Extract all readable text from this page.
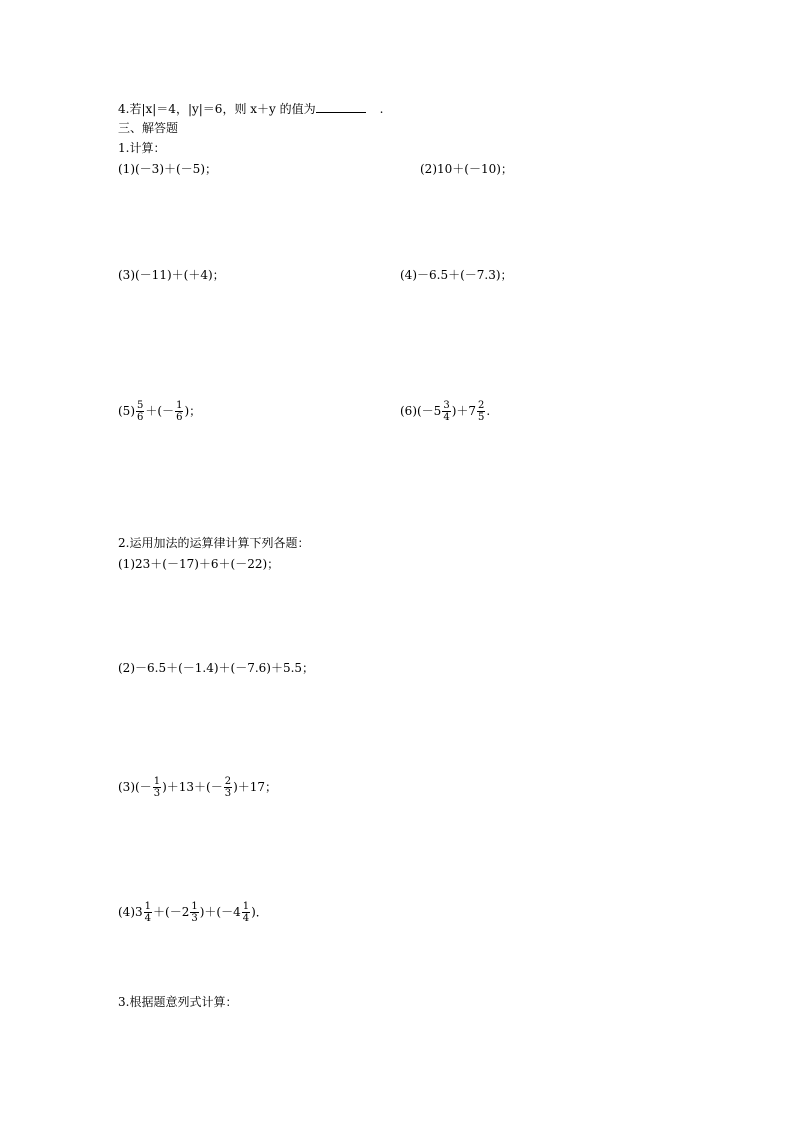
4.若|x|＝4，|y|＝6，则 x＋y 的值为	.
三、解答题
1.计算：
(1)(－3)＋(－5)；	(2)10＋(－10)；
(3)(－11)＋(＋4)；	(4)－6.5＋(－7.3)；
$(5) \frac{5}{6}$ ＋(－ $\frac{1}{6}$ )；	$(6)(-5 \frac{3}{4} )+7 \frac{2}{5}$ .
2.运用加法的运算律计算下列各题：
(1)23＋(－17)＋6＋(－22)；
(2)－6.5＋(－1.4)＋(－7.6)＋5.5；
$(3)(- \frac{1}{3} )+13+(- \frac{2}{3} )+17$；
$(4)3 \frac{1}{4} +(-2 \frac{1}{3} )+(-4 \frac{1}{4}$ )．
3.根据题意列式计算：
